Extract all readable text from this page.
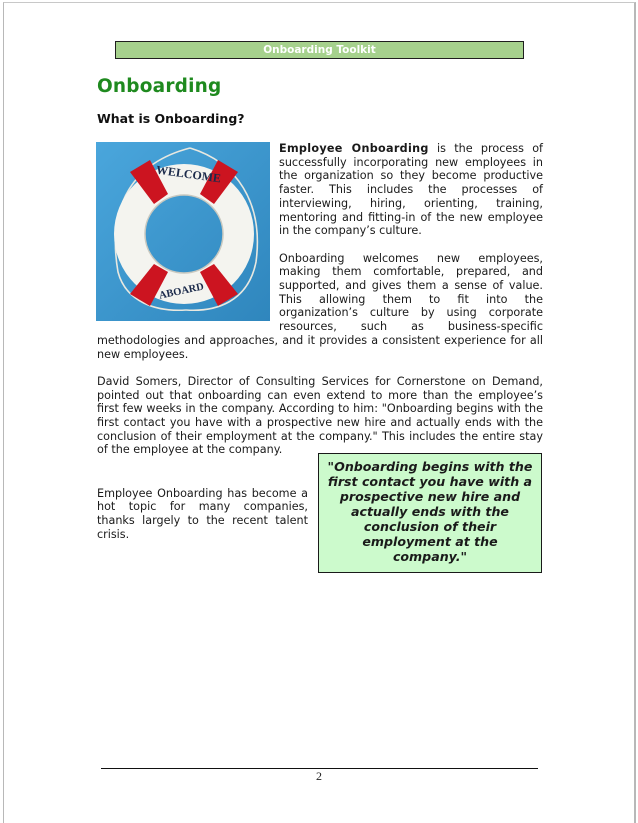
Onboarding Toolkit
Onboarding
What is Onboarding?
WELCOME
ABOARD

Employee Onboarding is the process of successfully incorporating new employees in the organization so they become productive faster. This includes the processes of interviewing, hiring, orienting, training, mentoring and fitting-in of the new employee in the company’s culture.

Onboarding welcomes new employees, making them comfortable, prepared, and supported, and gives them a sense of value. This allowing them to fit into the organization’s culture by using corporate resources, such as business-specific methodologies and approaches, and it provides a consistent experience for all new employees.

David Somers, Director of Consulting Services for Cornerstone on Demand, pointed out that onboarding can even extend to more than the employee’s first few weeks in the company. According to him: "Onboarding begins with the first contact you have with a prospective new hire and actually ends with the conclusion of their employment at the company." This includes the entire stay of the employee at the company.

"Onboarding begins with the first contact you have with a prospective new hire and actually ends with the conclusion of their employment at the company."

Employee Onboarding has become a hot topic for many companies, thanks largely to the recent talent crisis.

2
